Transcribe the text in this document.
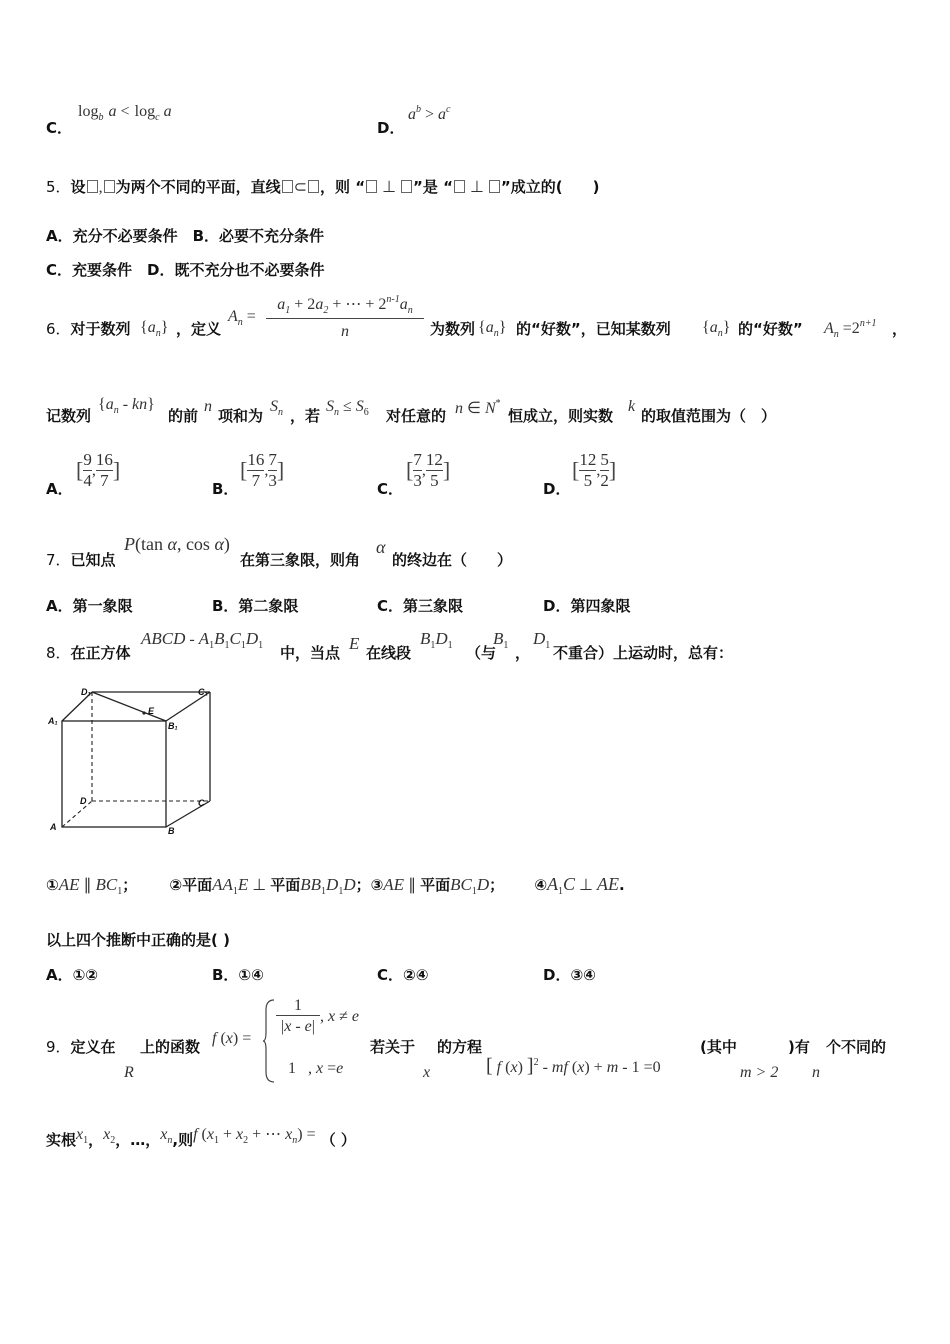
C．
$\log_b a < \log_c a$
D．
$a^b > a^c$
5．设 , 为两个不同的平面，直线 ⊂ ，则 “ ⊥ ”是 “ ⊥ ”成立的(　　)
A．充分不必要条件　B．必要不充分条件
C．充要条件　D．既不充分也不必要条件
6．对于数列 $\{a_n\}$ ，定义
$A_n$ =
$a_1 + 2a_2$ + ⋯ + $2^{n-1}a_n$
n	为数列 $\{a_n\}$ 的“好数”，已知某数列 $\{a_n\}$ 的“好数” $A_n =2^{n+1}$ ，
记数列
$\{a_n - kn\}$
的前
n
项和为
$S_n$ ，若
$S_n \le S_6$ 对任意的 n ∈ N*
恒成立，则实数
k
的取值范围为（　）
A．
[ $\frac{9}{4}$ , $\frac{16}{7}$ ]
B．
[ $\frac{16}{7}$ , $\frac{7}{3}$ ]
C．
[ $\frac{7}{3}$ , $\frac{12}{5}$ ]
D．
[ $\frac{12}{5}$ , $\frac{5}{2}$ ]
7．已知点
P(tan α, cos α)
在第三象限，则角
α
的终边在（　　）
A．第一象限	B．第二象限	C．第三象限	D．第四象限
8．在正方体
ABCD - $A_1B_1C_1D_1$ 中，当点 E 在线段
$B_1D_1$ （与
$B_1$ ，
$D_1$ 不重合）上运动时，总有：
D₁	C₁
A₁	B₁
E
D	C
A	B
①AE ∥ $BC_1$； ②平面$AA_1E$ ⊥ 平面$BB_1D_1D$；③AE ∥ 平面$BC_1D$； $④A_1C$ ⊥ AE.
以上四个推断中正确的是( )
A．①②	B．①④	C．②④	D．③④
9．定义在
R
上的函数 f (x) =
$\frac{1}{|x - e|}$ , x ≠ e
1 , x =e
若关于
x
的方程
[ f (x) ]$^2$ - mf (x) + m - 1 =0
(其中
m > 2
)有
n
个不同的
实根$x^1$，$x^2$，…，$x^n$,则f ($x_1 + x_2$ + ⋯ $x_n$) = （ ）
